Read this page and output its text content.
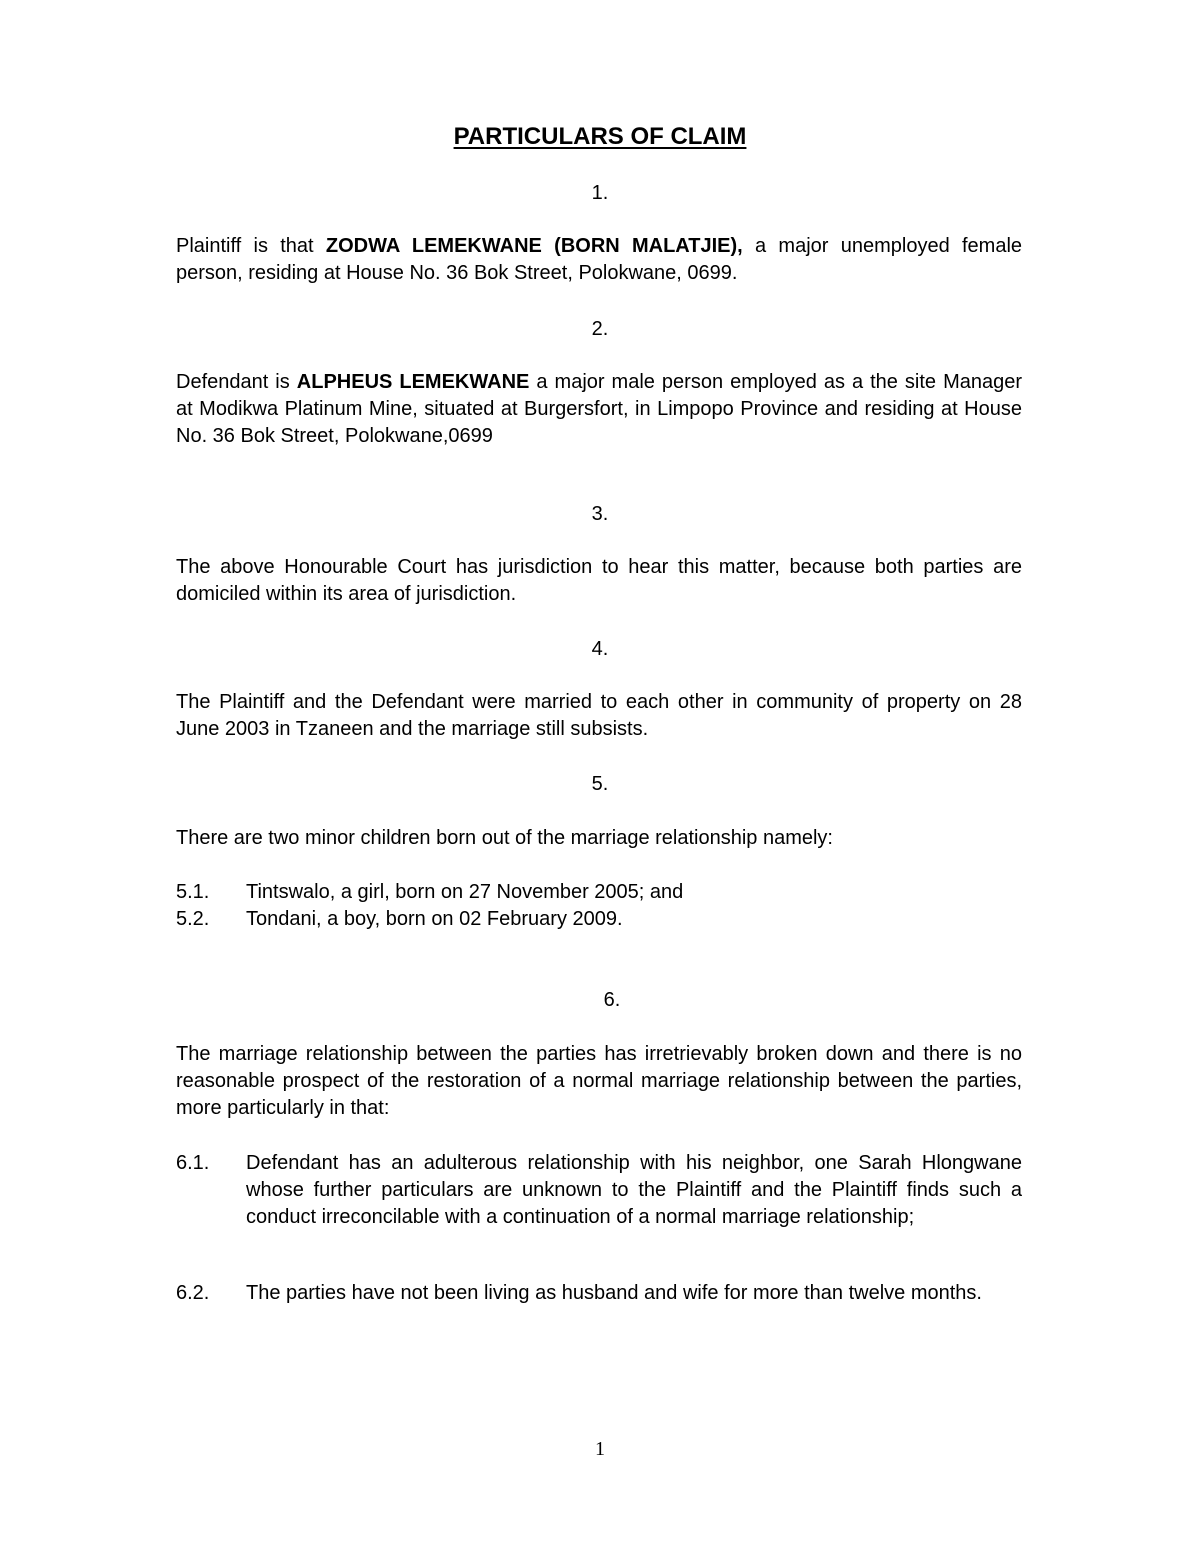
PARTICULARS OF CLAIM
1.
Plaintiff is that ZODWA LEMEKWANE (BORN MALATJIE), a major unemployed female person, residing at House No. 36 Bok Street, Polokwane, 0699.
2.
Defendant is ALPHEUS LEMEKWANE a major male person employed as a the site Manager at Modikwa Platinum Mine, situated at Burgersfort, in Limpopo Province and residing at House No. 36 Bok Street, Polokwane,0699
3.
The above Honourable Court has jurisdiction to hear this matter, because both parties are domiciled within its area of jurisdiction.
4.
The Plaintiff and the Defendant were married to each other in community of property on 28 June 2003 in Tzaneen and the marriage still subsists.
5.
There are two minor children born out of the marriage relationship namely:
5.1.	Tintswalo, a girl, born on 27 November 2005; and
5.2.	Tondani, a boy, born on 02 February 2009.
6.
The marriage relationship between the parties has irretrievably broken down and there is no reasonable prospect of the restoration of a normal marriage relationship between the parties, more particularly in that:
6.1.	Defendant has an adulterous relationship with his neighbor, one Sarah Hlongwane whose further particulars are unknown to the Plaintiff and the Plaintiff finds such a conduct irreconcilable with a continuation of a normal marriage relationship;
6.2.	The parties have not been living as husband and wife for more than twelve months.
1
